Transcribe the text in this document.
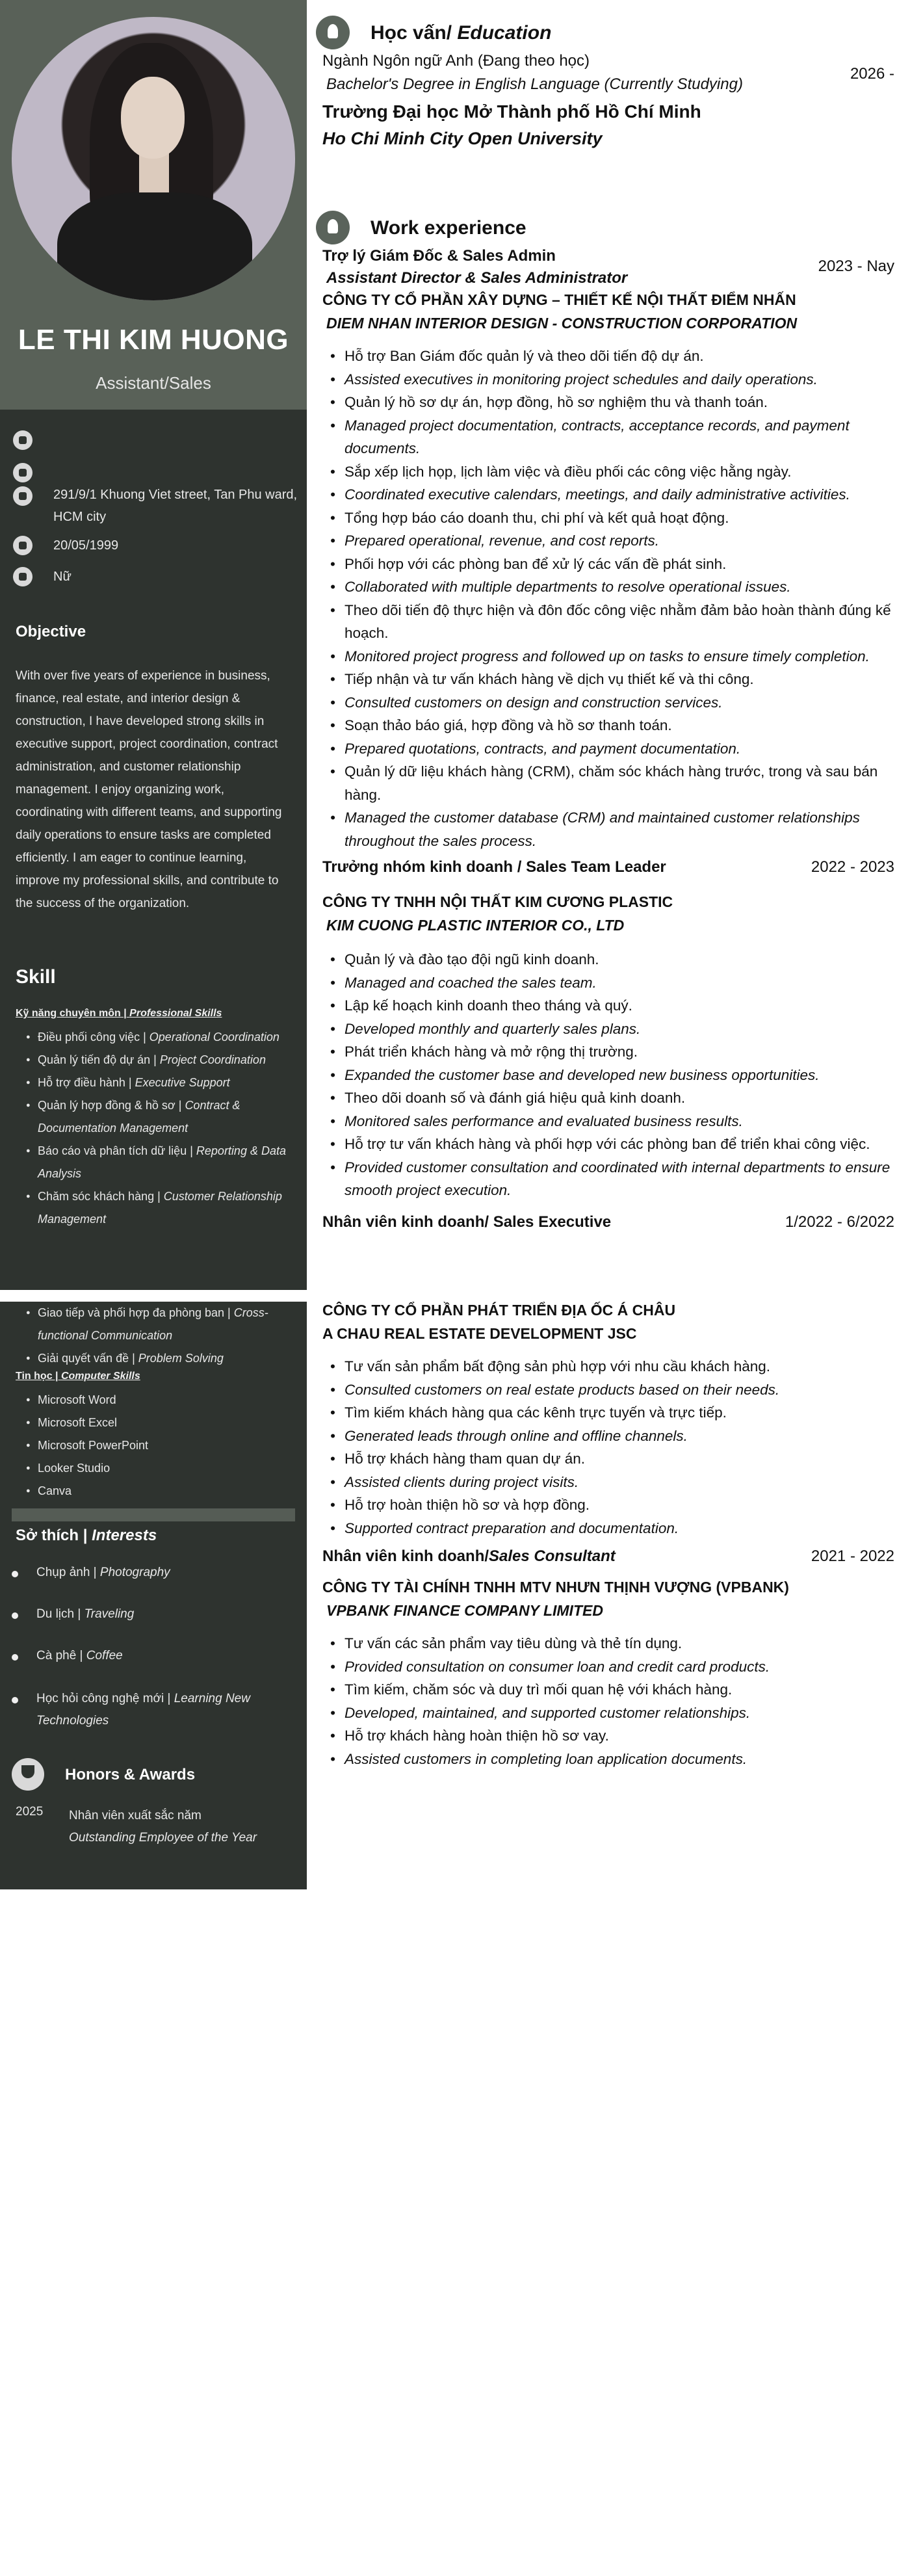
LE THI KIM HUONG
Assistant/Sales
291/9/1 Khuong Viet street, Tan Phu ward, HCM city
20/05/1999
Nữ
Objective
With over five years of experience in business, finance, real estate, and interior design & construction, I have developed strong skills in executive support, project coordination, contract administration, and customer relationship management. I enjoy organizing work, coordinating with different teams, and supporting daily operations to ensure tasks are completed efficiently. I am eager to continue learning, improve my professional skills, and contribute to the success of the organization.
Skill
Kỹ năng chuyên môn | Professional Skills
● Điều phối công việc | Operational Coordination
● Quản lý tiến độ dự án | Project Coordination
● Hỗ trợ điều hành | Executive Support
● Quản lý hợp đồng & hồ sơ | Contract & Documentation Management
● Báo cáo và phân tích dữ liệu | Reporting & Data Analysis
● Chăm sóc khách hàng | Customer Relationship Management
● Giao tiếp và phối hợp đa phòng ban | Cross-functional Communication
● Giải quyết vấn đề | Problem Solving
Tin học | Computer Skills
● Microsoft Word
● Microsoft Excel
● Microsoft PowerPoint
● Looker Studio
● Canva
Sở thích | Interests
Chụp ảnh | Photography
Du lịch | Traveling
Cà phê | Coffee
Học hỏi công nghệ mới | Learning New Technologies
Honors & Awards
2025 Nhân viên xuất sắc năm
Outstanding Employee of the Year
Học vấn/ Education
Ngành Ngôn ngữ Anh (Đang theo học)
2026 -
Bachelor's Degree in English Language (Currently Studying)
Trường Đại học Mở Thành phố Hồ Chí Minh
Ho Chi Minh City Open University
Work experience
Trợ lý Giám Đốc & Sales Admin
2023 - Nay
Assistant Director & Sales Administrator
CÔNG TY CỔ PHẦN XÂY DỰNG – THIẾT KẾ NỘI THẤT ĐIỂM NHẤN
DIEM NHAN INTERIOR DESIGN - CONSTRUCTION CORPORATION
• Hỗ trợ Ban Giám đốc quản lý và theo dõi tiến độ dự án.
• Assisted executives in monitoring project schedules and daily operations.
• Quản lý hồ sơ dự án, hợp đồng, hồ sơ nghiệm thu và thanh toán.
• Managed project documentation, contracts, acceptance records, and payment documents.
• Sắp xếp lịch họp, lịch làm việc và điều phối các công việc hằng ngày.
• Coordinated executive calendars, meetings, and daily administrative activities.
• Tổng hợp báo cáo doanh thu, chi phí và kết quả hoạt động.
• Prepared operational, revenue, and cost reports.
• Phối hợp với các phòng ban để xử lý các vấn đề phát sinh.
• Collaborated with multiple departments to resolve operational issues.
• Theo dõi tiến độ thực hiện và đôn đốc công việc nhằm đảm bảo hoàn thành đúng kế hoạch.
• Monitored project progress and followed up on tasks to ensure timely completion.
• Tiếp nhận và tư vấn khách hàng về dịch vụ thiết kế và thi công.
• Consulted customers on design and construction services.
• Soạn thảo báo giá, hợp đồng và hồ sơ thanh toán.
• Prepared quotations, contracts, and payment documentation.
• Quản lý dữ liệu khách hàng (CRM), chăm sóc khách hàng trước, trong và sau bán hàng.
• Managed the customer database (CRM) and maintained customer relationships throughout the sales process.
Trưởng nhóm kinh doanh / Sales Team Leader	2022 - 2023
CÔNG TY TNHH NỘI THẤT KIM CƯƠNG PLASTIC
KIM CUONG PLASTIC INTERIOR CO., LTD
• Quản lý và đào tạo đội ngũ kinh doanh.
• Managed and coached the sales team.
• Lập kế hoạch kinh doanh theo tháng và quý.
• Developed monthly and quarterly sales plans.
• Phát triển khách hàng và mở rộng thị trường.
• Expanded the customer base and developed new business opportunities.
• Theo dõi doanh số và đánh giá hiệu quả kinh doanh.
• Monitored sales performance and evaluated business results.
• Hỗ trợ tư vấn khách hàng và phối hợp với các phòng ban để triển khai công việc.
• Provided customer consultation and coordinated with internal departments to ensure smooth project execution.
Nhân viên kinh doanh/ Sales Executive	1/2022 - 6/2022
CÔNG TY CỔ PHẦN PHÁT TRIỂN ĐỊA ỐC Á CHÂU
A CHAU REAL ESTATE DEVELOPMENT JSC
• Tư vấn sản phẩm bất động sản phù hợp với nhu cầu khách hàng.
• Consulted customers on real estate products based on their needs.
• Tìm kiếm khách hàng qua các kênh trực tuyến và trực tiếp.
• Generated leads through online and offline channels.
• Hỗ trợ khách hàng tham quan dự án.
• Assisted clients during project visits.
• Hỗ trợ hoàn thiện hồ sơ và hợp đồng.
• Supported contract preparation and documentation.
Nhân viên kinh doanh/Sales Consultant	2021 - 2022
CÔNG TY TÀI CHÍNH TNHH MTV NHƯN THỊNH VƯỢNG (VPBANK)
VPBANK FINANCE COMPANY LIMITED
• Tư vấn các sản phẩm vay tiêu dùng và thẻ tín dụng.
• Provided consultation on consumer loan and credit card products.
• Tìm kiếm, chăm sóc và duy trì mối quan hệ với khách hàng.
• Developed, maintained, and supported customer relationships.
• Hỗ trợ khách hàng hoàn thiện hồ sơ vay.
• Assisted customers in completing loan application documents.
